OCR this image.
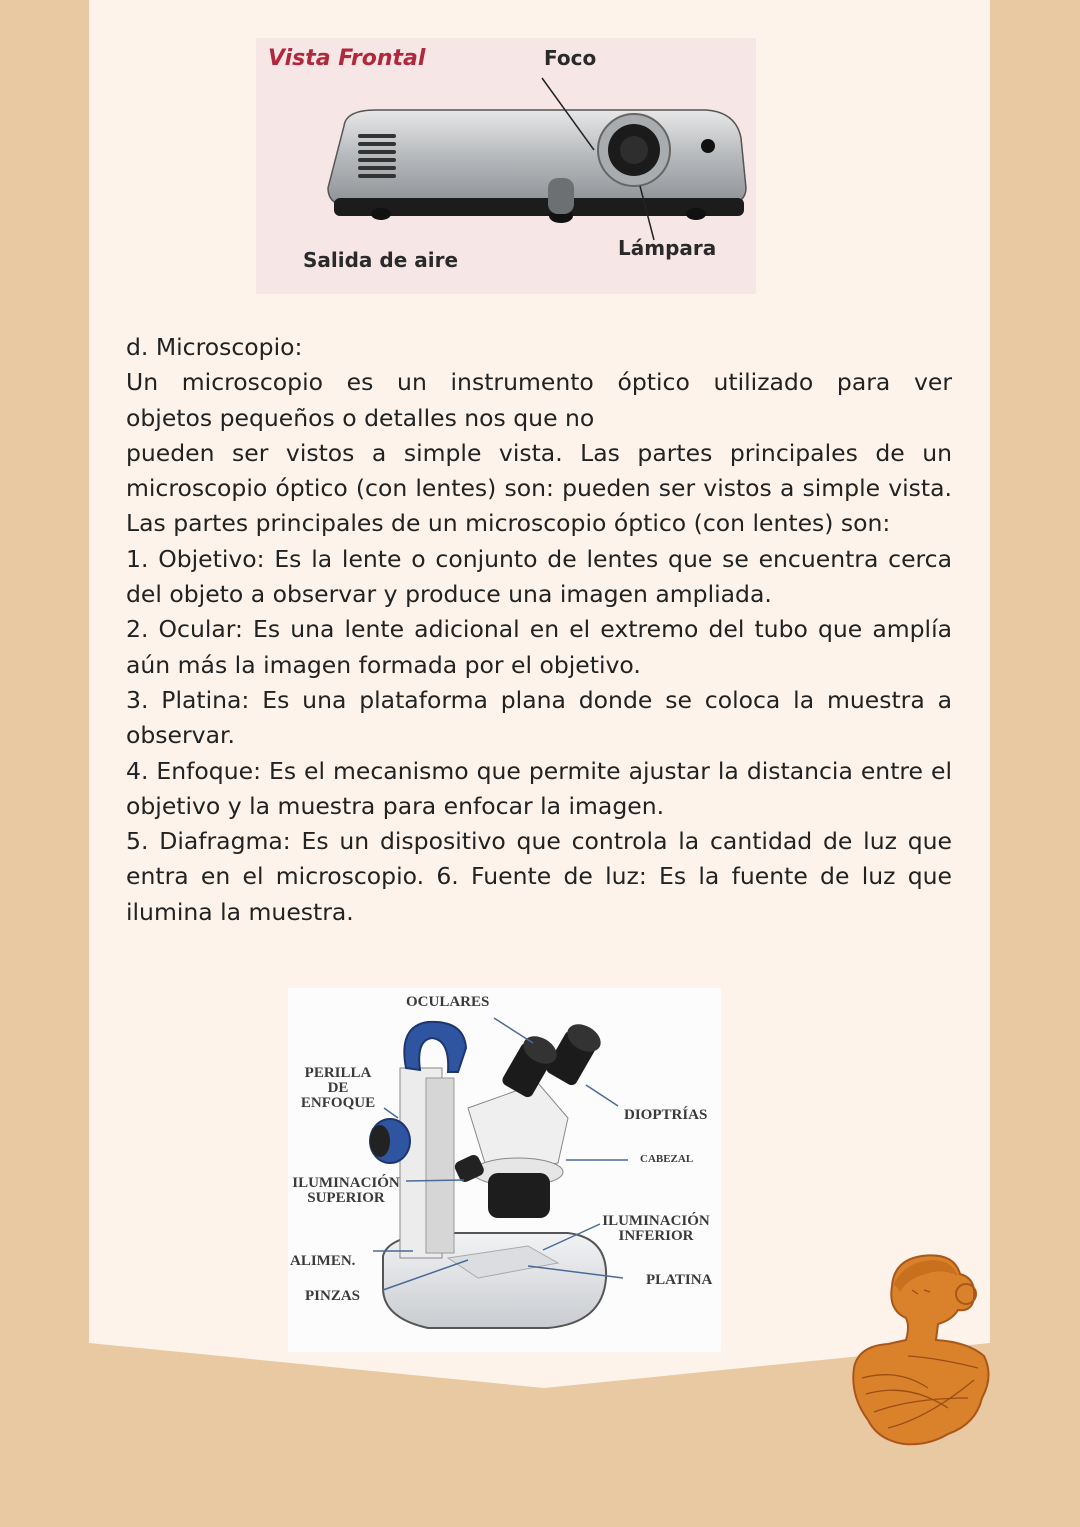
Vista Frontal	Foco
Lámpara
Salida de aire

d. Microscopio:

Un microscopio es un instrumento óptico utilizado para ver

objetos pequeños o detalles nos que no

pueden ser vistos a simple vista. Las partes principales de un microscopio óptico (con lentes) son: pueden ser vistos a simple vista. Las partes principales de un microscopio óptico (con lentes) son:

1. Objetivo: Es la lente o conjunto de lentes que se encuentra cerca del objeto a observar y produce una imagen ampliada.

2. Ocular: Es una lente adicional en el extremo del tubo que amplía aún más la imagen formada por el objetivo.

3. Platina: Es una plataforma plana donde se coloca la muestra a observar.

4. Enfoque: Es el mecanismo que permite ajustar la distancia entre el objetivo y la muestra para enfocar la imagen.

5. Diafragma: Es un dispositivo que controla la cantidad de luz que entra en el microscopio. 6. Fuente de luz: Es la fuente de luz que ilumina la muestra.

OCULARES
PERILLA
DE
ENFOQUE
DIOPTRÍAS
CABEZAL
ILUMINACIÓN
SUPERIOR
ILUMINACIÓN
INFERIOR
ALIMEN.
PLATINA
PINZAS
